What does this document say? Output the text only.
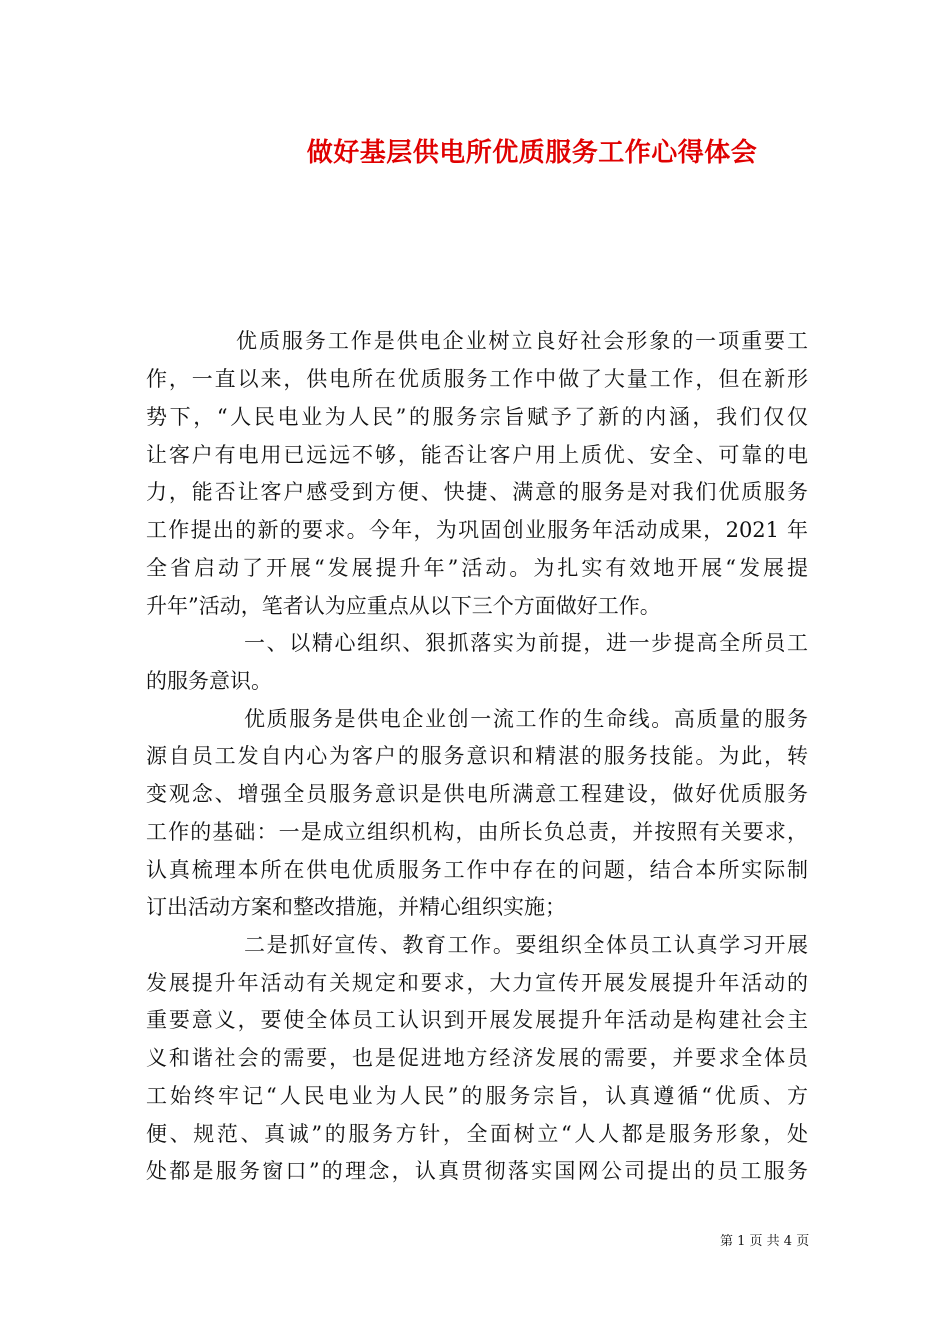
做好基层供电所优质服务工作心得体会

优质服务工作是供电企业树立良好社会形象的一项重要工

作，一直以来，供电所在优质服务工作中做了大量工作，但在新形

势下，“人民电业为人民”的服务宗旨赋予了新的内涵，我们仅仅

让客户有电用已远远不够，能否让客户用上质优、安全、可靠的电

力，能否让客户感受到方便、快捷、满意的服务是对我们优质服务

工作提出的新的要求。今年，为巩固创业服务年活动成果，2021 年

全省启动了开展“发展提升年”活动。为扎实有效地开展“发展提

升年”活动，笔者认为应重点从以下三个方面做好工作。

一、以精心组织、狠抓落实为前提，进一步提高全所员工

的服务意识。

优质服务是供电企业创一流工作的生命线。高质量的服务

源自员工发自内心为客户的服务意识和精湛的服务技能。为此，转

变观念、增强全员服务意识是供电所满意工程建设，做好优质服务

工作的基础：一是成立组织机构，由所长负总责，并按照有关要求，

认真梳理本所在供电优质服务工作中存在的问题，结合本所实际制

订出活动方案和整改措施，并精心组织实施；

二是抓好宣传、教育工作。要组织全体员工认真学习开展

发展提升年活动有关规定和要求，大力宣传开展发展提升年活动的

重要意义，要使全体员工认识到开展发展提升年活动是构建社会主

义和谐社会的需要，也是促进地方经济发展的需要，并要求全体员

工始终牢记“人民电业为人民”的服务宗旨，认真遵循“优质、方

便、规范、真诚”的服务方针，全面树立“人人都是服务形象，处

处都是服务窗口”的理念，认真贯彻落实国网公司提出的员工服务

第 1 页 共 4 页
